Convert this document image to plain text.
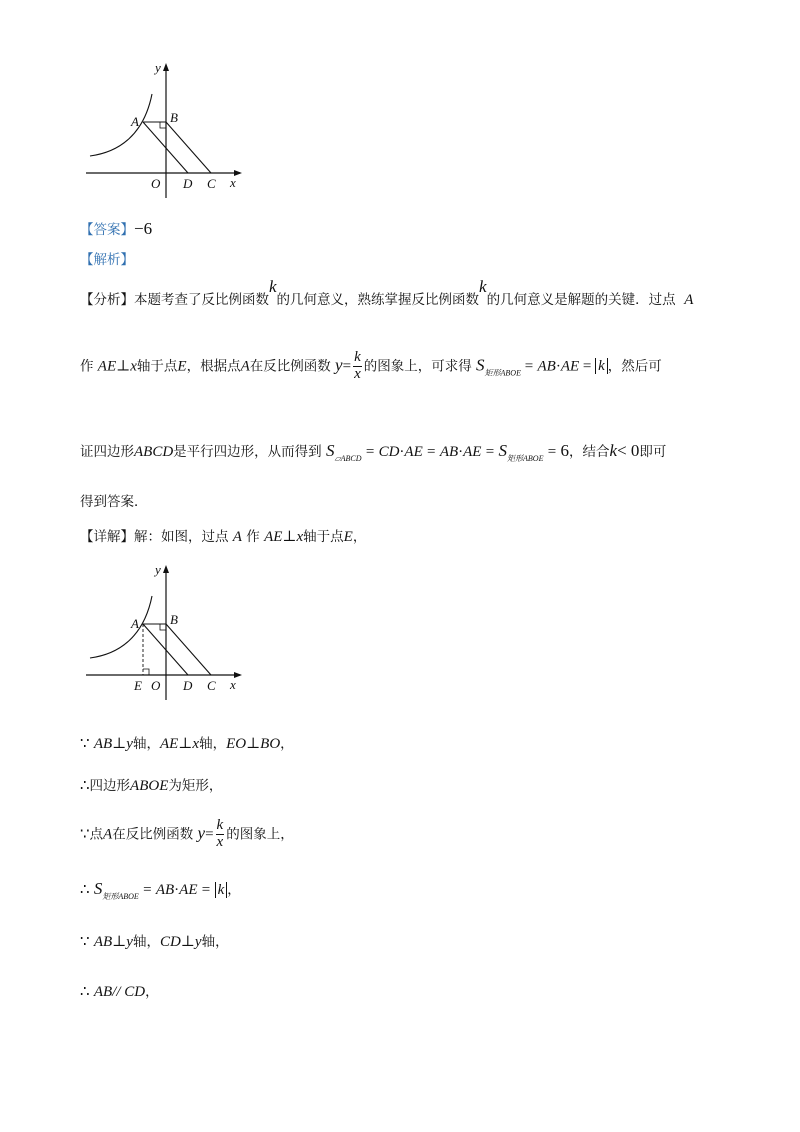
y
x
A B
O D C
【答案】−6
【解析】
【分析】本题考查了反比例函数k的几何意义，熟练掌握反比例函数k的几何意义是解题的关键．过点 A
作 AE⊥x轴于点E，根据点A在反比例函数 $y= \frac{k}{x}$ 的图象上，可求得 $S_{矩形ABOE} = AB\cdot AE = k$ ，然后可
证四边形ABCD是平行四边形，从而得到 $S_{▱ABCD} = CD\cdot AE = AB\cdot AE = S_{矩形ABOE} = 6$，结合k< 0即可
得到答案．
【详解】解：如图，过点 A 作 AE⊥x轴于点E，
y
x
A B
E O D C
∵ AB⊥y轴，AE⊥x轴，EO⊥BO，
∴四边形ABOE为矩形，
∵点A在反比例函数 $y= \frac{k}{x}$ 的图象上，
∴ $S_{矩形ABOE} = AB\cdot AE = k$ ，
∵ AB⊥y轴，CD⊥y轴，
∴ AB// CD，
